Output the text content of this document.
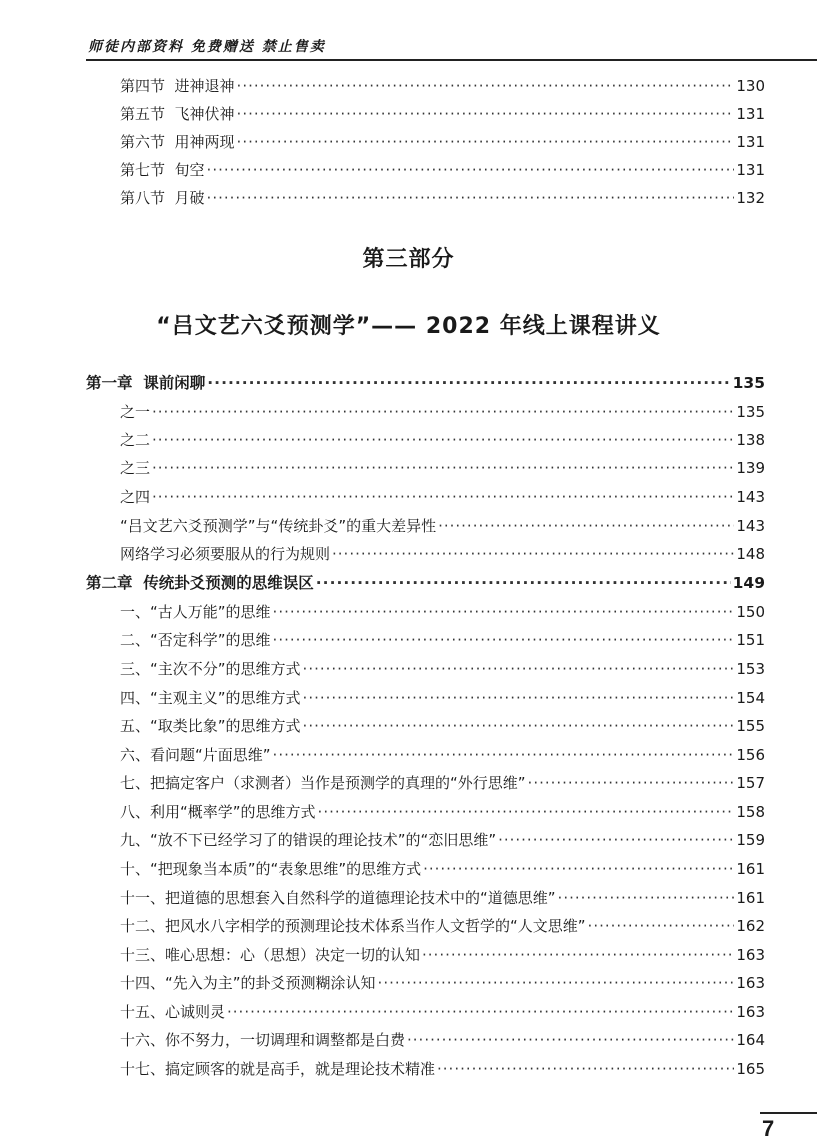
师徒内部资料 免费赠送 禁止售卖
第四节  进神退神 ·····	130
第五节  飞神伏神 ·····	131
第六节  用神两现 ·····	131
第七节  旬空 ·····	131
第八节  月破 ·····	132
第三部分
“吕文艺六爻预测学”—— 2022 年线上课程讲义
第一章  课前闲聊 ·····	135
之一 ·····	135
之二 ·····	138
之三 ·····	139
之四 ·····	143
“吕文艺六爻预测学”与“传统卦爻”的重大差异性 ·····	143
网络学习必须要服从的行为规则 ·····	148
第二章  传统卦爻预测的思维误区 ·····	149
一、“古人万能”的思维 ·····	150
二、“否定科学”的思维 ·····	151
三、“主次不分”的思维方式 ·····	153
四、“主观主义”的思维方式 ·····	154
五、“取类比象”的思维方式 ·····	155
六、看问题“片面思维” ·····	156
七、把搞定客户（求测者）当作是预测学的真理的“外行思维” ·····	157
八、利用“概率学”的思维方式 ·····	158
九、“放不下已经学习了的错误的理论技术”的“恋旧思维” ·····	159
十、“把现象当本质”的“表象思维”的思维方式 ·····	161
十一、把道德的思想套入自然科学的道德理论技术中的“道德思维” ·····	161
十二、把风水八字相学的预测理论技术体系当作人文哲学的“人文思维” ·····	162
十三、唯心思想：心（思想）决定一切的认知 ·····	163
十四、“先入为主”的卦爻预测糊涂认知 ·····	163
十五、心诚则灵 ·····	163
十六、你不努力，一切调理和调整都是白费 ·····	164
十七、搞定顾客的就是高手，就是理论技术精准 ·····	165
7
